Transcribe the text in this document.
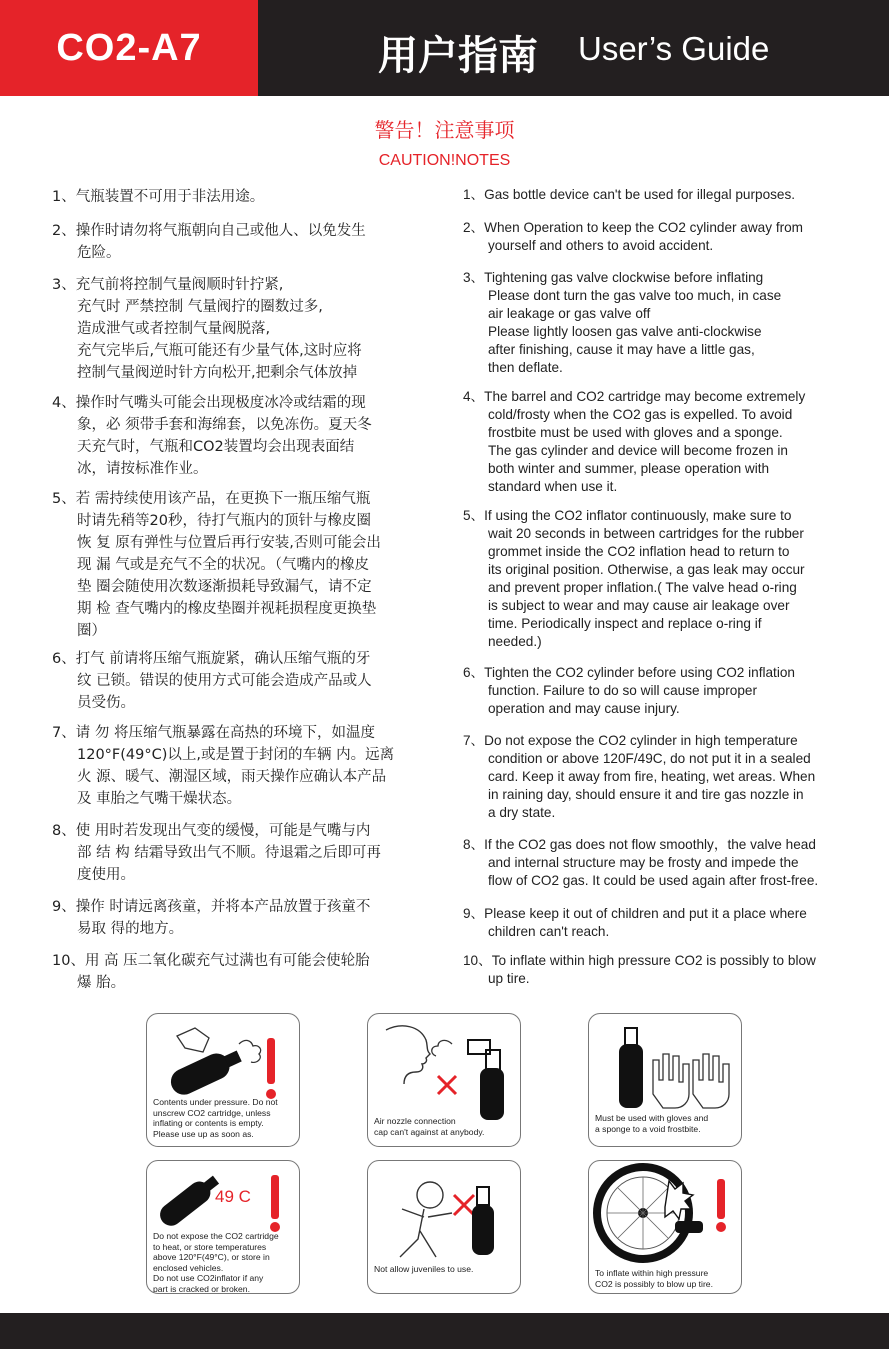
CO2-A7	用户指南 User’s Guide
警告！注意事项
CAUTION!NOTES
1、气瓶装置不可用于非法用途。
2、操作时请勿将气瓶朝向自己或他人、以免发生
危险。
3、充气前将控制气量阀顺时针拧紧,
充气时 严禁控制 气量阀拧的圈数过多,
造成泄气或者控制气量阀脱落,
充气完毕后,气瓶可能还有少量气体,这时应将
控制气量阀逆时针方向松开,把剩余气体放掉
4、操作时气嘴头可能会出现极度冰冷或结霜的现
象，必 须带手套和海绵套，以免冻伤。夏天冬
天充气时，气瓶和CO2装置均会出现表面结
冰，请按标准作业。
5、若 需持续使用该产品，在更换下一瓶压缩气瓶
时请先稍等20秒，待打气瓶内的顶针与橡皮圈
恢 复 原有弹性与位置后再行安装,否则可能会出
现 漏 气或是充气不全的状况。（气嘴内的橡皮
垫 圈会随使用次数逐渐损耗导致漏气，请不定
期 检 查气嘴内的橡皮垫圈并视耗损程度更换垫
圈）
6、打气 前请将压缩气瓶旋紧，确认压缩气瓶的牙
纹 已锁。错误的使用方式可能会造成产品或人
员受伤。
7、请 勿 将压缩气瓶暴露在高热的环境下，如温度
120°F(49°C)以上,或是置于封闭的车辆 内。远离
火 源、暖气、潮湿区域，雨天操作应确认本产品
及 車胎之气嘴干燥状态。
8、使 用时若发现出气变的缓慢，可能是气嘴与内
部 结 构 结霜导致出气不顺。待退霜之后即可再
度使用。
9、操作 时请远离孩童，并将本产品放置于孩童不
易取 得的地方。
10、用 高 压二氧化碳充气过满也有可能会使轮胎
爆 胎。
1、Gas bottle device can't be used for illegal purposes.
2、When Operation to keep the CO2 cylinder away from
yourself and others to avoid accident.
3、Tightening gas valve clockwise before inflating
Please dont turn the gas valve too much, in case
air leakage or gas valve off
Please lightly loosen gas valve anti-clockwise
after finishing, cause it may have a little gas,
then deflate.
4、The barrel and CO2 cartridge may become extremely
cold/frosty when the CO2 gas is expelled. To avoid
frostbite must be used with gloves and a sponge.
The gas cylinder and device will become frozen in
both winter and summer, please operation with
standard when use it.
5、If using the CO2 inflator continuously, make sure to
wait 20 seconds in between cartridges for the rubber
grommet inside the CO2 inflation head to return to
its original position. Otherwise, a gas leak may occur
and prevent proper inflation.( The valve head o-ring
is subject to wear and may cause air leakage over
time. Periodically inspect and replace o-ring if
needed.)
6、Tighten the CO2 cylinder before using CO2 inflation
function. Failure to do so will cause improper
operation and may cause injury.
7、Do not expose the CO2 cylinder in high temperature
condition or above 120F/49C, do not put it in a sealed
card. Keep it away from fire, heating, wet areas. When
in raining day, should ensure it and tire gas nozzle in
a dry state.
8、If the CO2 gas does not flow smoothly，the valve head
and internal structure may be frosty and impede the
flow of CO2 gas. It could be used again after frost-free.
9、Please keep it out of children and put it a place where
children can't reach.
10、To inflate within high pressure CO2 is possibly to blow
up tire.
Contents under pressure. Do not
unscrew CO2 cartridge, unless
inflating or contents is empty.
Please use up as soon as.
Air nozzle connection
cap can't against at anybody.
Must be used with gloves and
a sponge to a void frostbite.
49 C
Do not expose the CO2 cartridge
to heat, or store temperatures
above 120°F(49°C), or store in
enclosed vehicles.
Do not use CO2inflator if any
part is cracked or broken.
Not allow juveniles to use.	To inflate within high pressure
CO2 is possibly to blow up tire.
